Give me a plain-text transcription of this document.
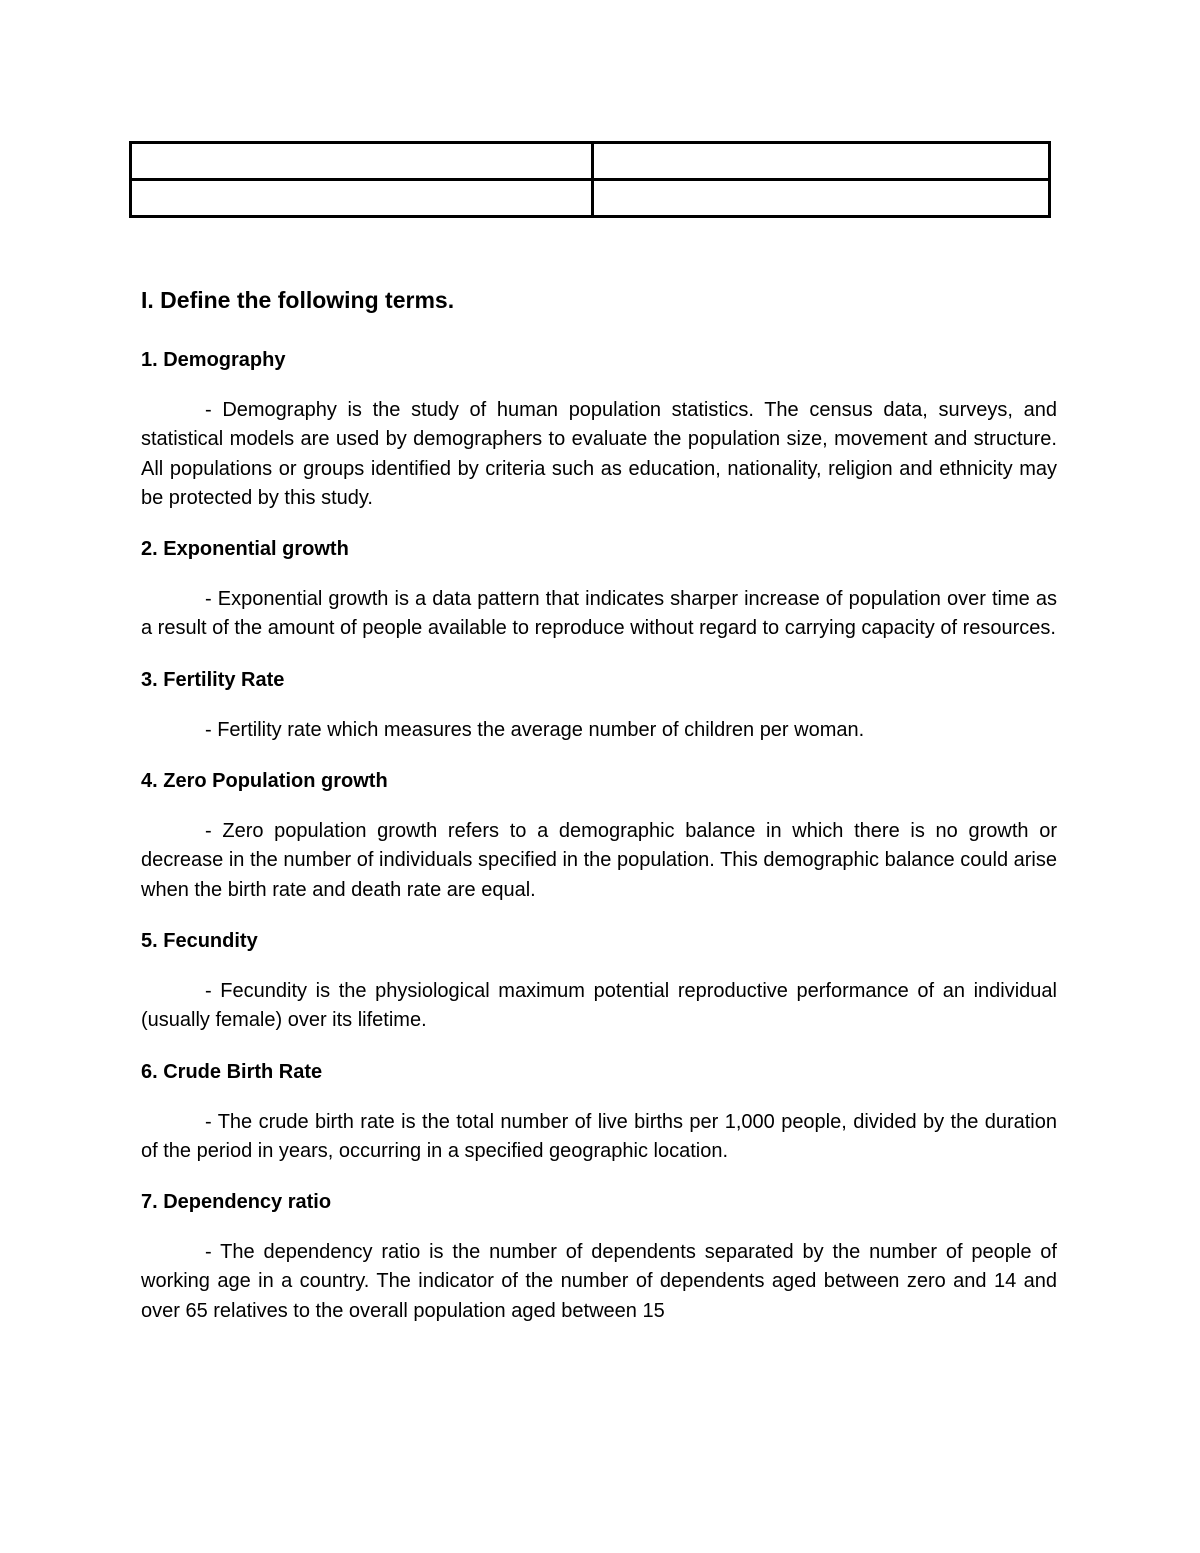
I. Define the following terms.
1. Demography

- Demography is the study of human population statistics. The census data, surveys, and statistical models are used by demographers to evaluate the population size, movement and structure. All populations or groups identified by criteria such as education, nationality, religion and ethnicity may be protected by this study.

2. Exponential growth

- Exponential growth is a data pattern that indicates sharper increase of population over time as a result of the amount of people available to reproduce without regard to carrying capacity of resources.

3. Fertility Rate

- Fertility rate which measures the average number of children per woman.

4. Zero Population growth

- Zero population growth refers to a demographic balance in which there is no growth or decrease in the number of individuals specified in the population. This demographic balance could arise when the birth rate and death rate are equal.

5. Fecundity

- Fecundity is the physiological maximum potential reproductive performance of an individual (usually female) over its lifetime.

6. Crude Birth Rate

- The crude birth rate is the total number of live births per 1,000 people, divided by the duration of the period in years, occurring in a specified geographic location.

7. Dependency ratio

- The dependency ratio is the number of dependents separated by the number of people of working age in a country. The indicator of the number of dependents aged between zero and 14 and over 65 relatives to the overall population aged between 15
